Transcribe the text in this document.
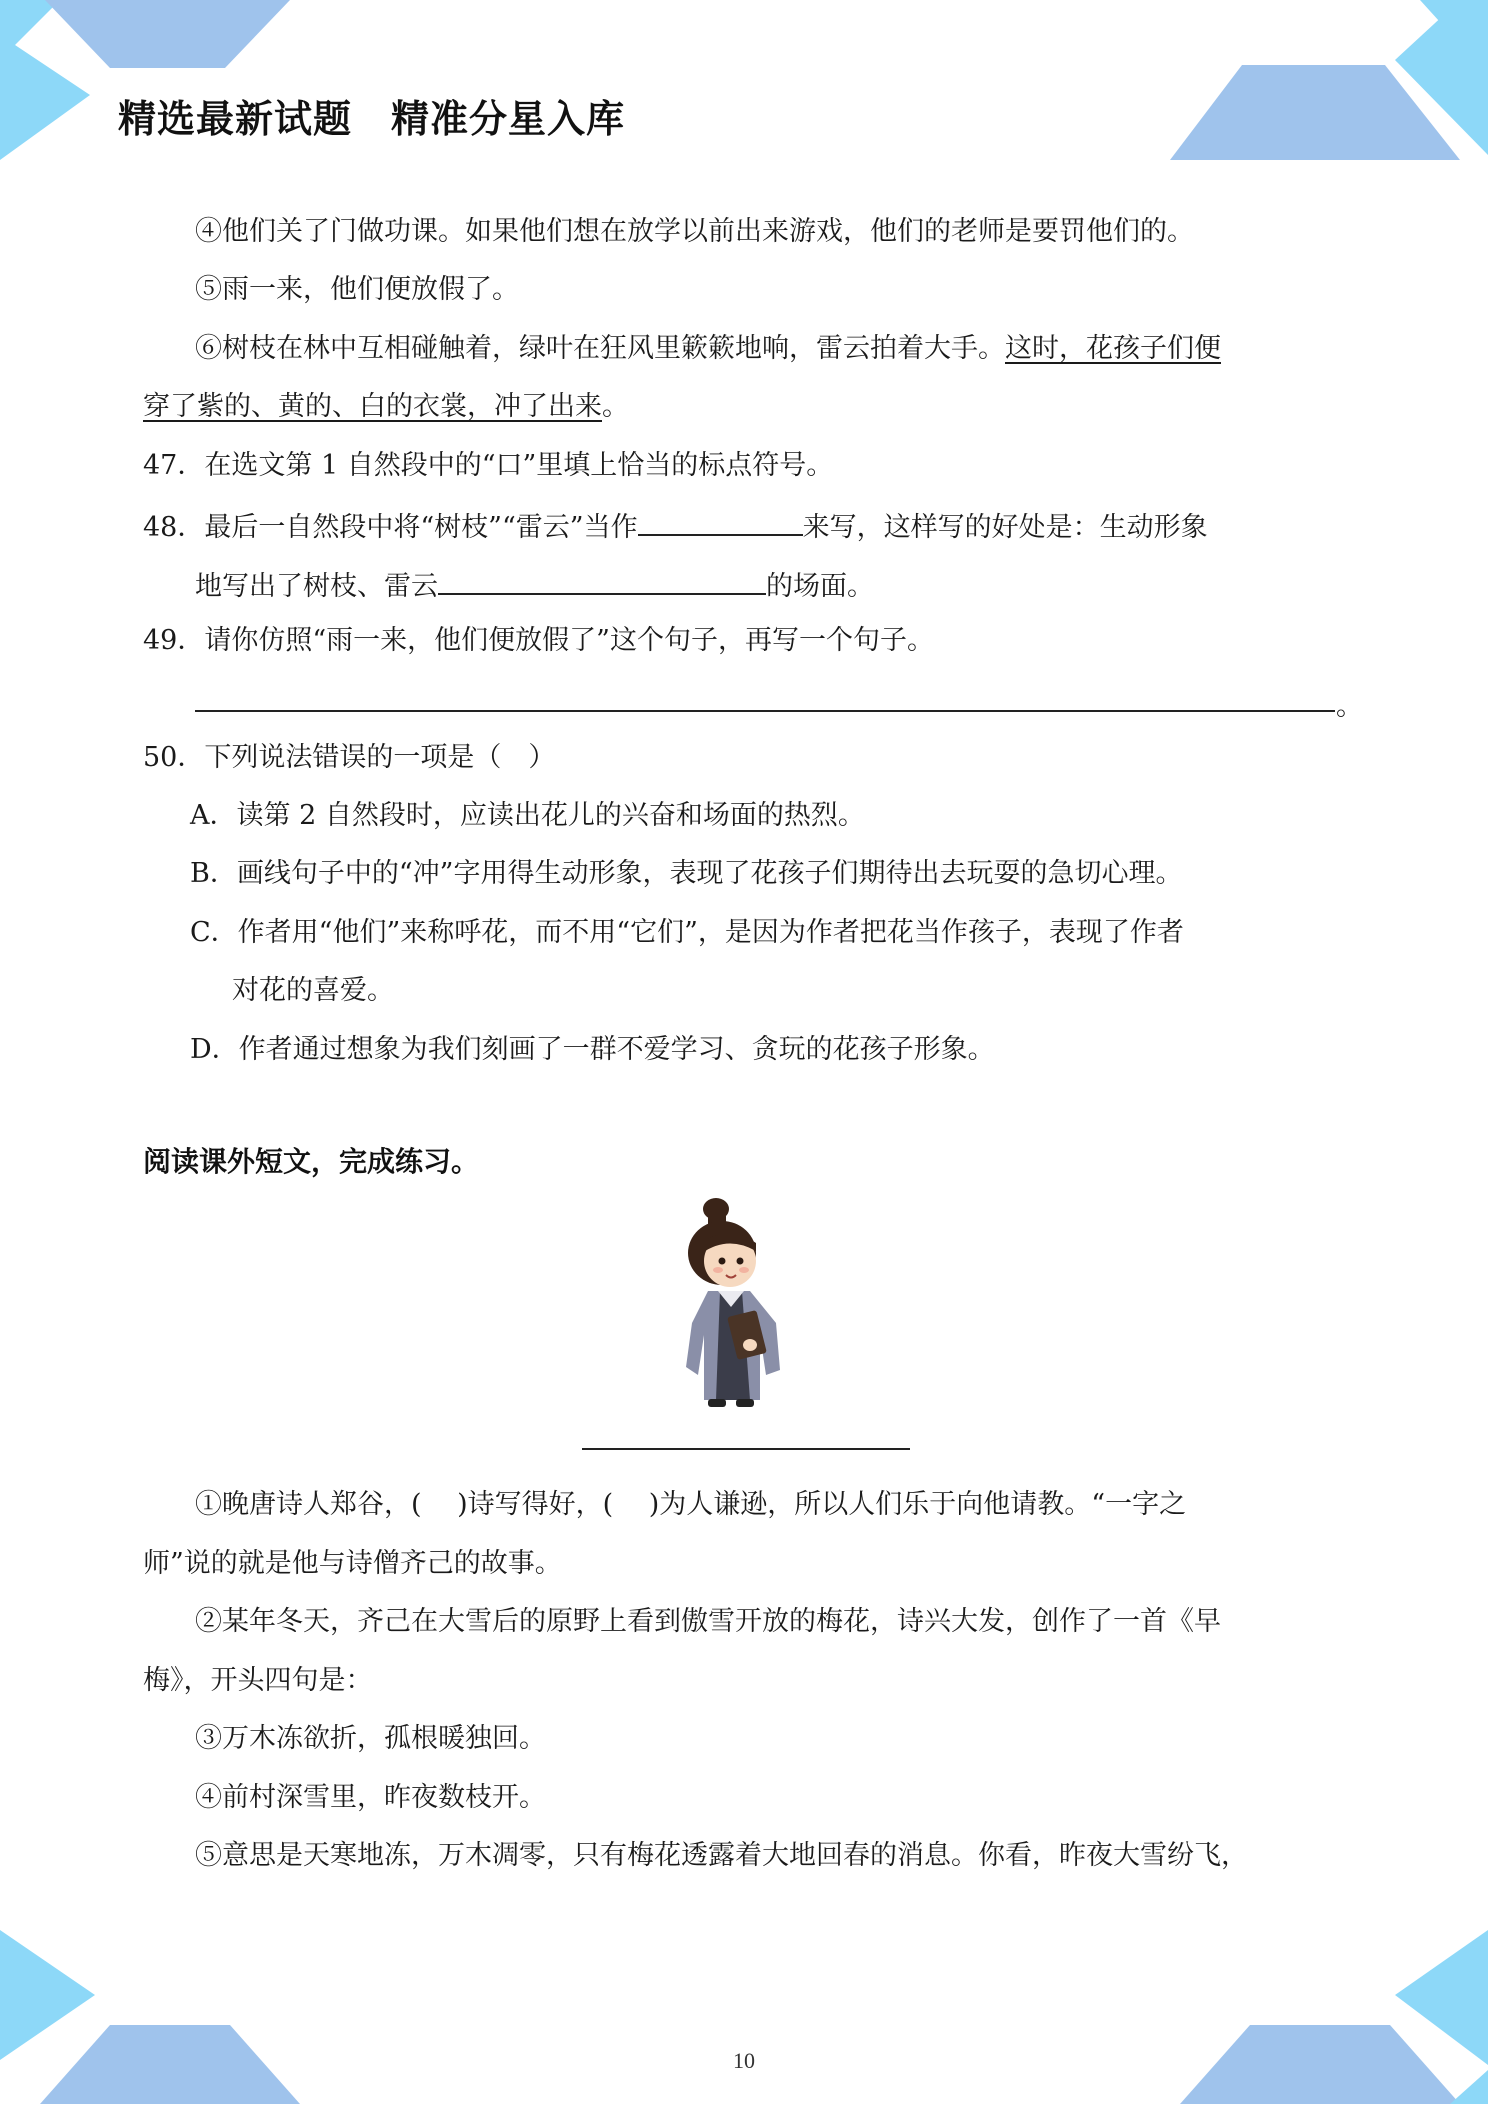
精选最新试题　精准分星入库
④他们关了门做功课。如果他们想在放学以前出来游戏，他们的老师是要罚他们的。
⑤雨一来，他们便放假了。
⑥树枝在林中互相碰触着，绿叶在狂风里簌簌地响，雷云拍着大手。这时，花孩子们便
穿了紫的、黄的、白的衣裳，冲了出来。
47．在选文第 1 自然段中的“口”里填上恰当的标点符号。
48．最后一自然段中将“树枝”“雷云”当作	来写，这样写的好处是：生动形象
地写出了树枝、雷云	的场面。
49．请你仿照“雨一来，他们便放假了”这个句子，再写一个句子。
。
50．下列说法错误的一项是（　）
A．读第 2 自然段时，应读出花儿的兴奋和场面的热烈。
B．画线句子中的“冲”字用得生动形象，表现了花孩子们期待出去玩耍的急切心理。
C．作者用“他们”来称呼花，而不用“它们”，是因为作者把花当作孩子，表现了作者
对花的喜爱。
D．作者通过想象为我们刻画了一群不爱学习、贪玩的花孩子形象。
阅读课外短文，完成练习。
①晚唐诗人郑谷，(　 )诗写得好，(　 )为人谦逊，所以人们乐于向他请教。“一字之
师”说的就是他与诗僧齐己的故事。
②某年冬天，齐己在大雪后的原野上看到傲雪开放的梅花，诗兴大发，创作了一首《早
梅》，开头四句是：
③万木冻欲折，孤根暖独回。
④前村深雪里，昨夜数枝开。
⑤意思是天寒地冻，万木凋零，只有梅花透露着大地回春的消息。你看，昨夜大雪纷飞，
10
